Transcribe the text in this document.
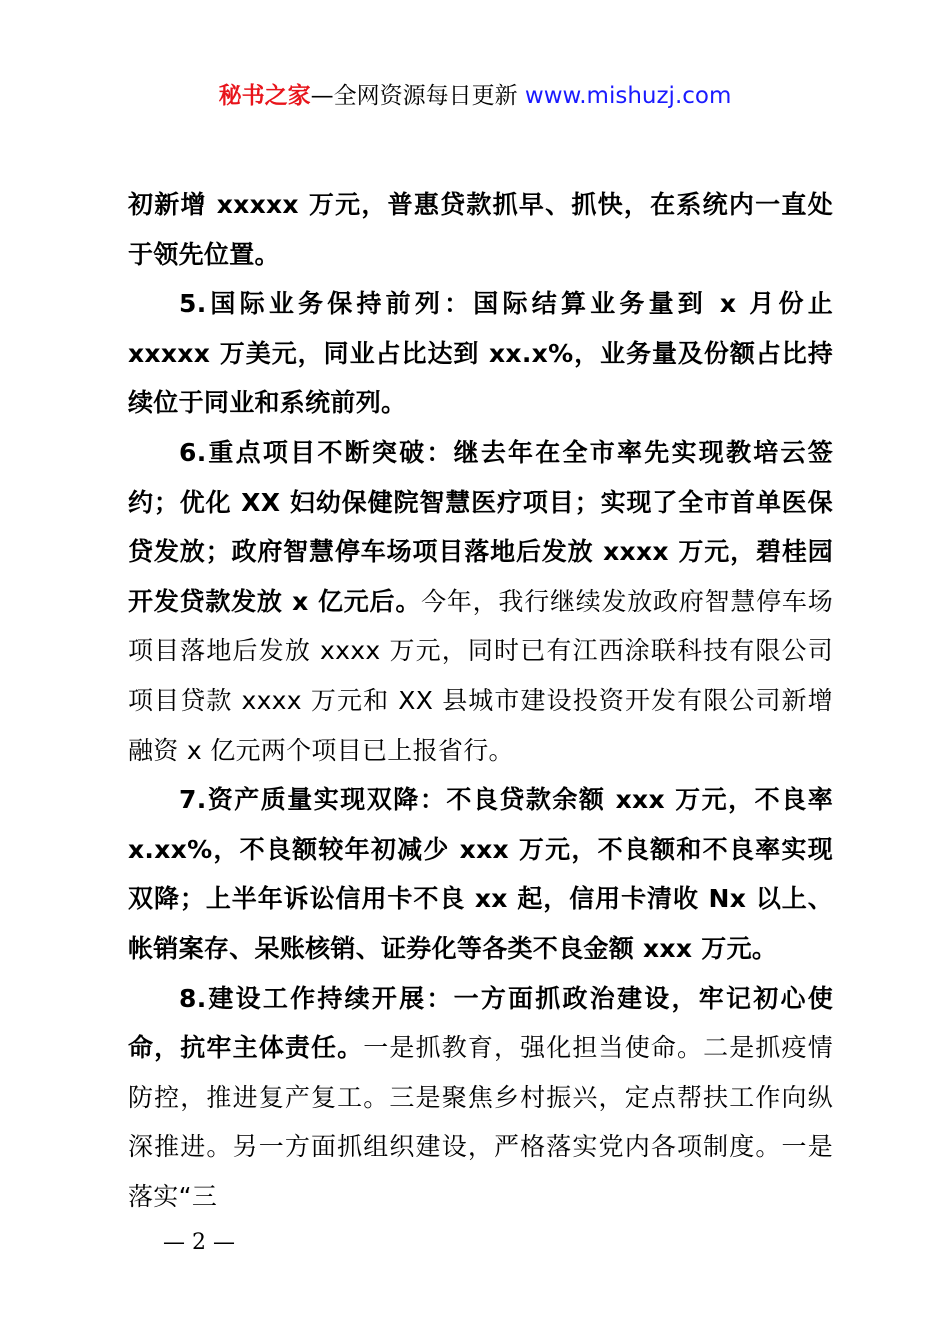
秘书之家—全网资源每日更新 www.mishuzj.com

初新增 xxxxx 万元，普惠贷款抓早、抓快，在系统内一直处于领先位置。

5.国际业务保持前列：国际结算业务量到 x 月份止 xxxxx 万美元，同业占比达到 xx.x%，业务量及份额占比持续位于同业和系统前列。

6.重点项目不断突破：继去年在全市率先实现教培云签约；优化 XX 妇幼保健院智慧医疗项目；实现了全市首单医保贷发放；政府智慧停车场项目落地后发放 xxxx 万元，碧桂园开发贷款发放 x 亿元后。今年，我行继续发放政府智慧停车场项目落地后发放 xxxx 万元，同时已有江西涂联科技有限公司项目贷款 xxxx 万元和 XX 县城市建设投资开发有限公司新增融资 x 亿元两个项目已上报省行。

7.资产质量实现双降：不良贷款余额 xxx 万元，不良率 x.xx%，不良额较年初减少 xxx 万元，不良额和不良率实现双降；上半年诉讼信用卡不良 xx 起，信用卡清收 Nx 以上、帐销案存、呆账核销、证券化等各类不良金额 xxx 万元。

8.建设工作持续开展：一方面抓政治建设，牢记初心使命，抗牢主体责任。一是抓教育，强化担当使命。二是抓疫情防控，推进复产复工。三是聚焦乡村振兴，定点帮扶工作向纵深推进。另一方面抓组织建设，严格落实党内各项制度。一是落实“三

— 2 —
